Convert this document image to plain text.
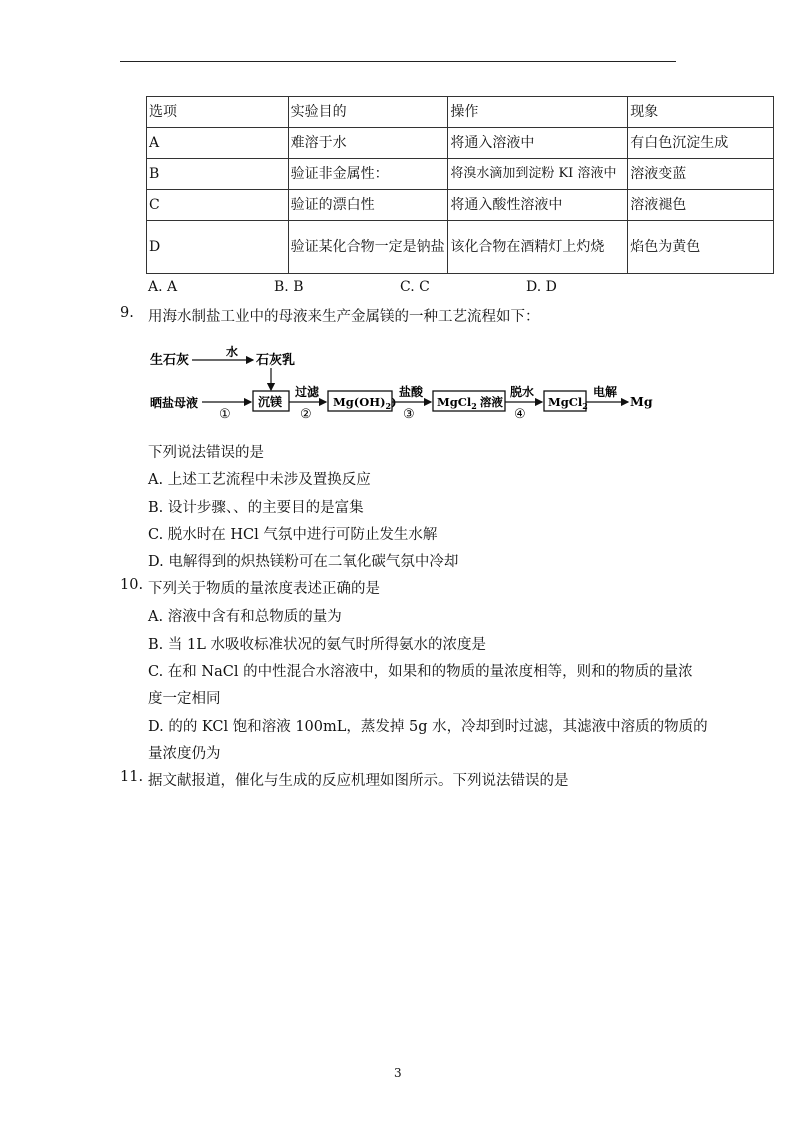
选项	实验目的	操作	现象
A	难溶于水	将通入溶液中	有白色沉淀生成
B	验证非金属性：	将溴水滴加到淀粉 KI 溶液中	溶液变蓝
C	验证的漂白性	将通入酸性溶液中	溶液褪色
D	验证某化合物一定是钠盐	该化合物在酒精灯上灼烧	焰色为黄色
A. A	B. B	C. C	D. D
9. 用海水制盐工业中的母液来生产金属镁的一种工艺流程如下：
生石灰
水
石灰乳
晒盐母液
①
沉镁
过滤
②
$Mg(OH)_2$)
盐酸
③
MgCl$_2$ 溶液
脱水
④
MgCl$_2$
电解
Mg
下列说法错误的是
A. 上述工艺流程中未涉及置换反应
B. 设计步骤、、的主要目的是富集
C. 脱水时在 HCl 气氛中进行可防止发生水解
D. 电解得到的炽热镁粉可在二氧化碳气氛中冷却
10. 下列关于物质的量浓度表述正确的是
A. 溶液中含有和总物质的量为
B. 当 1L 水吸收标准状况的氨气时所得氨水的浓度是
C. 在和 NaCl 的中性混合水溶液中，如果和的物质的量浓度相等，则和的物质的量浓
度一定相同
D. 的的 KCl 饱和溶液 100mL，蒸发掉 5g 水，冷却到时过滤，其滤液中溶质的物质的
量浓度仍为
11. 据文献报道，催化与生成的反应机理如图所示。下列说法错误的是
3
